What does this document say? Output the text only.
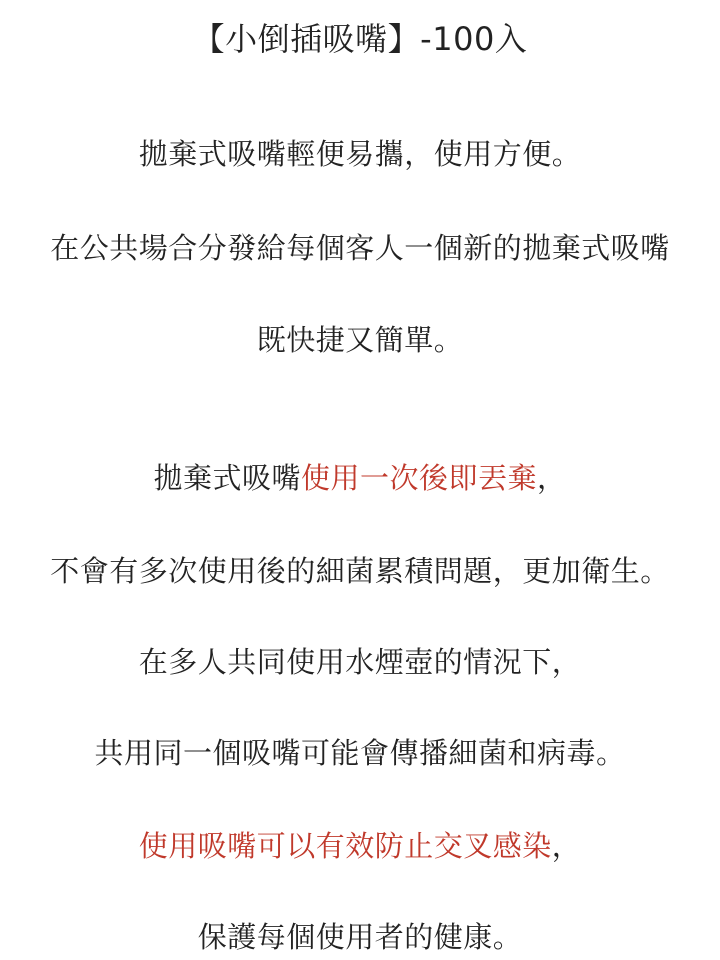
【小倒插吸嘴】-100入
拋棄式吸嘴輕便易攜，使用方便。
在公共場合分發給每個客人一個新的拋棄式吸嘴
既快捷又簡單。
拋棄式吸嘴使用一次後即丟棄，
不會有多次使用後的細菌累積問題，更加衛生。
在多人共同使用水煙壺的情況下，
共用同一個吸嘴可能會傳播細菌和病毒。
使用吸嘴可以有效防止交叉感染，
保護每個使用者的健康。
